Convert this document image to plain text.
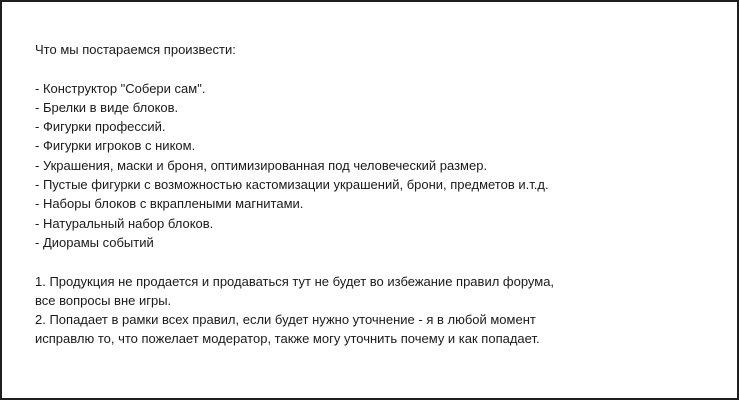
Что мы постараемся произвести:
- Конструктор "Собери сам".
- Брелки в виде блоков.
- Фигурки профессий.
- Фигурки игроков с ником.
- Украшения, маски и броня, оптимизированная под человеческий размер.
- Пустые фигурки с возможностью кастомизации украшений, брони, предметов и.т.д.
- Наборы блоков с вкраплеными магнитами.
- Натуральный набор блоков.
- Диорамы событий
1. Продукция не продается и продаваться тут не будет во избежание правил форума,
все вопросы вне игры.
2. Попадает в рамки всех правил, если будет нужно уточнение - я в любой момент
исправлю то, что пожелает модератор, также могу уточнить почему и как попадает.
